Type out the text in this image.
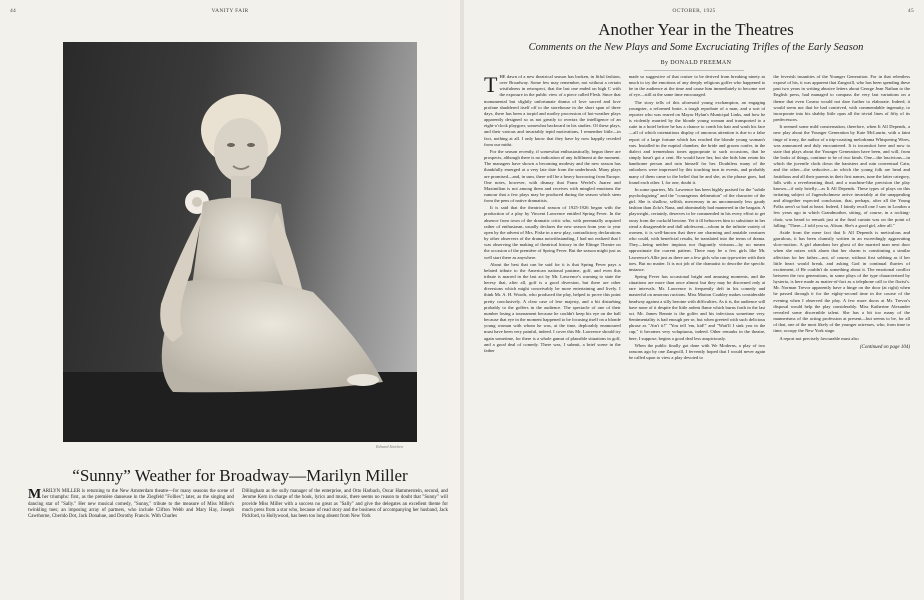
44	VANITY FAIR
Edward Steichen
“Sunny” Weather for Broadway—Marilyn Miller
MARILYN MILLER is returning to the New Amsterdam theatre—for many seasons the scene of her triumphs: first, as the première danseuse in the Ziegfeld "Follies"; later, as the singing and dancing star of "Sally." Her new musical comedy, "Sunny," tribute to the measure of Miss Miller's twinkling toes; an imposing array of partners, who include Clifton Webb and Mary Hay, Joseph Cawthorne, Cherido Dot, Jack Donahue, and Dorothy Francis. With Charles
Dillingham as the sully manager of the enterprise, and Otto Harbach, Oscar Hammerstein, second, and Jerome Kern in charge of the book, lyrics and music, there seems no reason to doubt that "Sunny" will provide Miss Miller with a success no great as "Sally" and give the delegates an excellent theme for much press from a star who, because of read story and the business of accompanying her husband, Jack Pickford, to Hollywood, has been too long absent from New York
OCTOBER, 1925	45
Another Year in the Theatres
Comments on the New Plays and Some Excruciating Trifles of the Early Season
By DONALD FREEMAN

THE dawn of a new theatrical season has broken, in fitful fashion, over Broadway. Some few may remember, not without a certain wistfulness in retrospect, that the last one ended on high C with the exposure in the public view of a piece called Flesh. Since that monumental but slightly unfortunate drama of love sacred and love profane shuddered itself off to the storehouse in the short span of three days, there has been a torpid and motley procession of hot-weather plays apparently designed so as not greatly to overtax the intelligence of an eight-o'clock playgoer, somewhat backward in his studies. Of these plays, and their various and invariably tepid motivations, I remember little—in fact, nothing at all. I only know that they have by now happily receded from our midst.

For the season recently, if somewhat enthusiastically, begun there are prospects, although there is no indication of any fulfilment at the moment. The managers have shown a becoming modesty and the new season has thankfully emerged at a very late date from the underbrush. Many plays are promised—and, in sum, there will be a heavy borrowing from Europe. One notes, however, with dismay that Franz Werfel's Juarez and Maximilian is not among them and receives with mingled emotions the rumour that a few plays may be produced during the season which stem from the pens of native dramatists.

It is said that the theatrical season of 1925-1926 began with the production of a play by Vincent Lawrence entitled Spring Fever. In the absence from town of the dramatic critic who, with perennially acquired rather of enthusiasm, usually declares the new season from year to year open by the advent of Mrs. Fiske in a new play, contradictory declarations by other observers of the drama notwithstanding, I had not realized that I was observing the making of theatrical history in the Eltinge Theatre on the occasion of the première of Spring Fever. But the season might just as well start there as anywhere.

About the best that can be said for it is that Spring Fever pays a belated tribute to the American national pastime, golf, and even this tribute is marred in the last act by Mr. Lawrence's warning to state the heresy that, after all, golf is a good diversion, but there are other diversions which might conceivably be more entertaining and lively. I think Mr. A. H. Woods, who produced the play, helped to prove this point pretty conclusively. A clear case of lese majesty, and a bit disturbing probably to the golfers in the audience. The spectacle of one of their number losing a tournament because he couldn't keep his eye on the ball because that eye in the moment happened to be focusing itself on a blonde young woman with whom he was, at the time, deplorably enamoured must have been very painful, indeed. I cover this Mr. Lawrence should try again sometime, for there is a whole gamut of plausible situations in golf, and a good deal of comedy. There was, I submit, a brief scene in the father

made so suggestive of that cruiser to be derived from breaking ninety as much to try the emotions of any deeply religious golfer who happened to be in the audience at the time and cause him immediately to become wet of eye—still at the same time encouraged.

The story tells of this aforesaid young exchampion, an engaging youngster, a reformed brute, a tough reprobate of a man, and a sort of reporter who was reared on Mayor Hylan's Municipal Links, and how he is violently married by the blonde young woman and transported to a suite in a hotel before he has a chance to comb his hair and wash his face—all of which ostentatious display of amorous attention is due to a false report of a large fortune which has reached the blonde young woman's ears. Installed in the nuptial chamber, the bride and groom confer, in the dialect and tremendous tones appropriate to such occasions, that he simply hasn't got a cent. He would have her, but she bids him retain his handsome person and ruin himself for her. Doubtless many of the onlookers were impressed by this touching turn in events, and probably many of them came to the belief that he and she, as the phrase goes, had found each other. I, for one, doubt it.

In some quarters, Mr. Lawrence has been highly praised for the "subtle psychologizing" and the "courageous delineation" of the character of the girl. She is shallow, selfish, mercenary in an uncommonly less gaudy fashion than Zola's Nana, and abominably bad mannered in the bargain. A playwright, certainly, deserves to be commended in his every effort to get away from the cuckold heroine. Yet it ill behooves him to substitute in her stead a disagreeable and dull adolescent—whom in the infinite variety of women, it is well-known that there are charming and amiable creatures who could, with beneficial results, be translated into the terms of drama. They—being neither impious nor flagrantly virtuous—by no means approximate the current pattern. There may be a few girls like Mr. Lawrence's Allie just as there are a few girls who run typewriter with their toes. But no matter. It is not job of the dramatist to describe the specific instance.

Spring Fever has occasional bright and amusing moments, and the situations are more than once almost but they may be discerned only at rare intervals. Mr. Lawrence is frequently deft in his comedy and masterful on amorous ructions. Miss Marion Coakley makes considerable headway against a silly heroine with difficulties. As it is, the audience will have none of it despite the little ardent flame which burns forth in the last act. Mr. James Rennie is the golfer and his infectious sometime very. Sentimentality is bad enough per se, but when greeted with such delicious phrase as "Ain't it!" "You tell 'em, kid!" and "Wait'll I sink you in the cup," it becomes very voluptuous, indeed. Other remarks in the theatre, here, I suppose, begins a good deal less auspiciously.

When the public finally got done with We Moderns, a play of two seasons ago by one Zangwill, I fervently hoped that I would never again be called upon to view a play devoted to

the feverish insanities of the Younger Generation. For in that relentless exposé of his, it was apparent that Zangwill, who has been spending these past two years in writing abusive letters about George Jean Nathan to the English press, had managed to compass the very last variations on a theme that even Cosmo would not dare further to elaborate. Indeed, it would seem not that he had contrived, with commendable ingenuity, to incorporate into his shabby little opus all the trivial lines of fifty of its predecessors.

It seemed some mild consternation, therefore, when It All Depends, a new play about the Younger Generation by Kate McLaurin, with a faint tinge of irony, the author of a trip-coasting melodrama Whispering Wires, was announced and duly encountered. It is incomfort here and now to state that plays about the Younger Generation have been, and will, from the looks of things, continue to be of two kinds. One—the lascivious—in which the juvenile clods down the banisters and ruin conventual Cain, and the other—the seductive—in which the young folk are head and fastidious and all their parents in their first names, tune the latter category, falls with a reverberating thud, and a machine-like precision the play known—if only briefly—as It All Depends. These types of plays on this irritating subject of Jugendschmerz arrive invariably at the unappealing and altogether expected conclusion, that, perhaps, after all the Young Folks aren't so bad at heart. Indeed, I faintly recall one I saw in London a few years ago in which Grandmother, sitting, of course, in a rocking-chair, was heard to remark just at the final curtain was on the point of falling: "There—I told you so, Alison. She's a good girl, after all."

Aside from the mere fact that It All Depends is meticulous and garrulous, it has been clumsily written in an exceedingly aggravating slow-motion. A girl abandons her ghost of the married man next door when she mixes with alarm that her charm is constituting a similar affection for her father—not, of course, without first sobbing as if her little heart would break, and asking God in continual flurries of excitement, if He couldn't do something about it. The emotional conflict between the two generations, in some plays of the type characterized by hysteria, is here made as matter-of-fact as a telephone call to the florist's. Mr. Norman Trevor apparently have a hinge on the door (at right) when he passed through it for the eighty-second time in the course of the evening when I observed the play. A few more doors at Mr. Trevor's disposal would help the play considerably. Miss Katherine Alexander revealed some discernible talent. She has a bit too many of the mannerisms of the acting profession at present—but seems to be, for all of that, one of the most likely of the younger actresses, who, from time to time, occupy the New York stage.

A report not precisely favourable must also

(Continued on page 104)
